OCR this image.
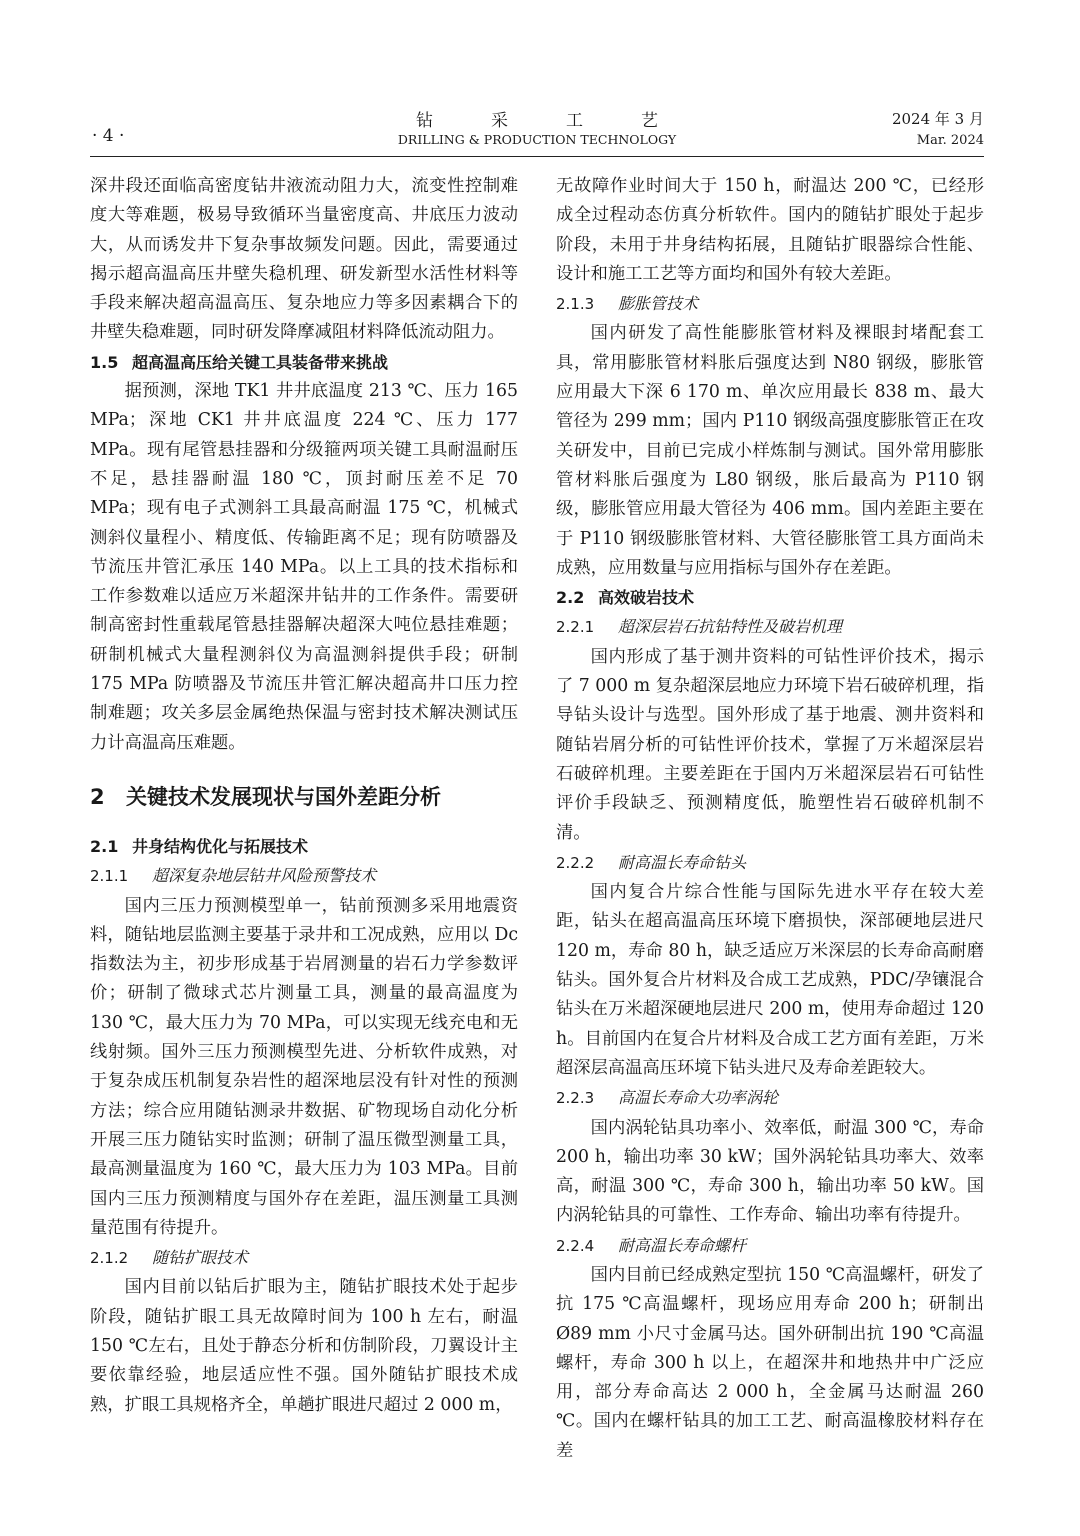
· 4 ·
钻采工艺
DRILLING & PRODUCTION TECHNOLOGY
2024 年 3 月
Mar. 2024

深井段还面临高密度钻井液流动阻力大，流变性控制难度大等难题，极易导致循环当量密度高、井底压力波动大，从而诱发井下复杂事故频发问题。因此，需要通过揭示超高温高压井壁失稳机理、研发新型水活性材料等手段来解决超高温高压、复杂地应力等多因素耦合下的井壁失稳难题，同时研发降摩减阻材料降低流动阻力。

1.5 超高温高压给关键工具装备带来挑战

据预测，深地 TK1 井井底温度 213 ℃、压力 165 MPa；深地 CK1 井井底温度 224 ℃、压力 177 MPa。现有尾管悬挂器和分级箍两项关键工具耐温耐压不足，悬挂器耐温 180 ℃，顶封耐压差不足 70 MPa；现有电子式测斜工具最高耐温 175 ℃，机械式测斜仪量程小、精度低、传输距离不足；现有防喷器及节流压井管汇承压 140 MPa。以上工具的技术指标和工作参数难以适应万米超深井钻井的工作条件。需要研制高密封性重载尾管悬挂器解决超深大吨位悬挂难题；研制机械式大量程测斜仪为高温测斜提供手段；研制 175 MPa 防喷器及节流压井管汇解决超高井口压力控制难题；攻关多层金属绝热保温与密封技术解决测试压力计高温高压难题。

2 关键技术发展现状与国外差距分析
2.1 井身结构优化与拓展技术
2.1.1 超深复杂地层钻井风险预警技术

国内三压力预测模型单一，钻前预测多采用地震资料，随钻地层监测主要基于录井和工况成熟，应用以 Dc 指数法为主，初步形成基于岩屑测量的岩石力学参数评价；研制了微球式芯片测量工具，测量的最高温度为 130 ℃，最大压力为 70 MPa，可以实现无线充电和无线射频。国外三压力预测模型先进、分析软件成熟，对于复杂成压机制复杂岩性的超深地层没有针对性的预测方法；综合应用随钻测录井数据、矿物现场自动化分析开展三压力随钻实时监测；研制了温压微型测量工具，最高测量温度为 160 ℃，最大压力为 103 MPa。目前国内三压力预测精度与国外存在差距，温压测量工具测量范围有待提升。

2.1.2 随钻扩眼技术

国内目前以钻后扩眼为主，随钻扩眼技术处于起步阶段，随钻扩眼工具无故障时间为 100 h 左右，耐温 150 ℃左右，且处于静态分析和仿制阶段，刀翼设计主要依靠经验，地层适应性不强。国外随钻扩眼技术成熟，扩眼工具规格齐全，单趟扩眼进尺超过 2 000 m，

无故障作业时间大于 150 h，耐温达 200 ℃，已经形成全过程动态仿真分析软件。国内的随钻扩眼处于起步阶段，未用于井身结构拓展，且随钻扩眼器综合性能、设计和施工工艺等方面均和国外有较大差距。

2.1.3 膨胀管技术

国内研发了高性能膨胀管材料及裸眼封堵配套工具，常用膨胀管材料胀后强度达到 N80 钢级，膨胀管应用最大下深 6 170 m、单次应用最长 838 m、最大管径为 299 mm；国内 P110 钢级高强度膨胀管正在攻关研发中，目前已完成小样炼制与测试。国外常用膨胀管材料胀后强度为 L80 钢级，胀后最高为 P110 钢级，膨胀管应用最大管径为 406 mm。国内差距主要在于 P110 钢级膨胀管材料、大管径膨胀管工具方面尚未成熟，应用数量与应用指标与国外存在差距。

2.2 高效破岩技术
2.2.1 超深层岩石抗钻特性及破岩机理

国内形成了基于测井资料的可钻性评价技术，揭示了 7 000 m 复杂超深层地应力环境下岩石破碎机理，指导钻头设计与选型。国外形成了基于地震、测井资料和随钻岩屑分析的可钻性评价技术，掌握了万米超深层岩石破碎机理。主要差距在于国内万米超深层岩石可钻性评价手段缺乏、预测精度低，脆塑性岩石破碎机制不清。

2.2.2 耐高温长寿命钻头

国内复合片综合性能与国际先进水平存在较大差距，钻头在超高温高压环境下磨损快，深部硬地层进尺 120 m，寿命 80 h，缺乏适应万米深层的长寿命高耐磨钻头。国外复合片材料及合成工艺成熟，PDC/孕镶混合钻头在万米超深硬地层进尺 200 m，使用寿命超过 120 h。目前国内在复合片材料及合成工艺方面有差距，万米超深层高温高压环境下钻头进尺及寿命差距较大。

2.2.3 高温长寿命大功率涡轮

国内涡轮钻具功率小、效率低，耐温 300 ℃，寿命 200 h，输出功率 30 kW；国外涡轮钻具功率大、效率高，耐温 300 ℃，寿命 300 h，输出功率 50 kW。国内涡轮钻具的可靠性、工作寿命、输出功率有待提升。

2.2.4 耐高温长寿命螺杆

国内目前已经成熟定型抗 150 ℃高温螺杆，研发了抗 175 ℃高温螺杆，现场应用寿命 200 h；研制出 Ø89 mm 小尺寸金属马达。国外研制出抗 190 ℃高温螺杆，寿命 300 h 以上，在超深井和地热井中广泛应用，部分寿命高达 2 000 h，全金属马达耐温 260 ℃。国内在螺杆钻具的加工工艺、耐高温橡胶材料存在差
